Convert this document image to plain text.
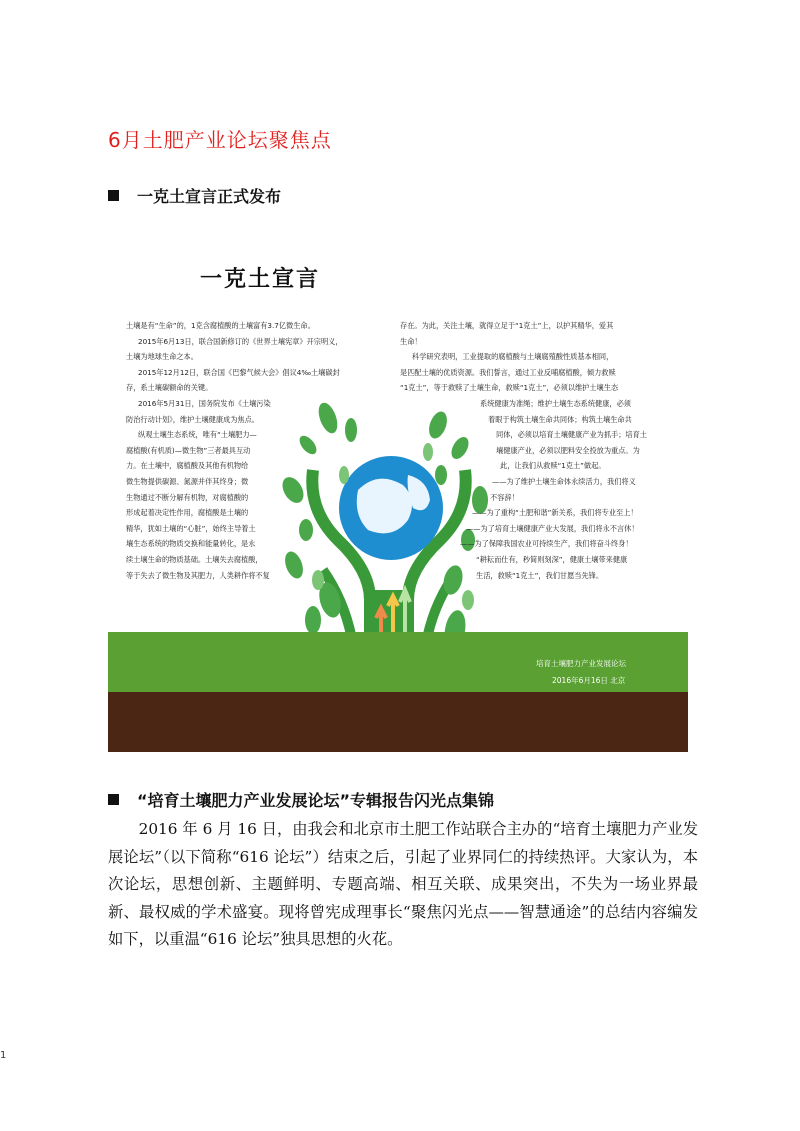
6月土肥产业论坛聚焦点
一克土宣言正式发布
一克土宣言

土壤是有“生命”的，1克含腐植酸的土壤富有3.7亿微生命。

2015年6月13日，联合国新修订的《世界土壤宪章》开宗明义，

土壤为地球生命之本。

2015年12月12日，联合国《巴黎气候大会》倡议4‰土壤碳封

存，系土壤碳额命的关键。

2016年5月31日，国务院发布《土壤污染

防治行动计划》，维护土壤健康成为焦点。

纵观土壤生态系统，唯有“土壤肥力—

腐植酸(有机质)—微生物”三者最具互动

力。在土壤中，腐植酸及其他有机物给

微生物提供碳源、氮源并伴其终身；微

生物通过不断分解有机物，对腐植酸的

形成起着决定性作用，腐植酸是土壤的

精华，犹如土壤的“心脏”，始终主导着土

壤生态系统的物质交换和能量转化，是永

续土壤生命的物质基础。土壤失去腐植酸，

等于失去了微生物及其肥力，人类耕作将不复

存在。为此，关注土壤，就得立足于“1克土”上，以护其精华，爱其

生命！

科学研究表明，工业提取的腐植酸与土壤腐殖酸性质基本相同，

是匹配土壤的优质资源。我们誓言，通过工业反哺腐植酸，倾力救赎

“1克土”，等于救赎了土壤生命，救赎“1克土”，必须以维护土壤生态

系统健康为准绳；维护土壤生态系统健康，必须

着眼于构筑土壤生命共同体；构筑土壤生命共

同体，必须以培育土壤健康产业为抓手；培育土

壤健康产业，必须以肥料安全投放为重点。为

此，让我们从救赎“1克土”做起。

——为了维护土壤生命体永续活力，我们将义

不容辞！

——为了重构“土肥和谐”新关系，我们将专业至上！

——为了培育土壤健康产业大发展，我们将永不言休！

——为了保障我国农业可持续生产，我们将奋斗终身！

“耕耘而仕有，秒简则刻深”，健康土壤带来健康

生活，救赎“1克土”，我们甘愿当先锋。

培育土壤肥力产业发展论坛
2016年6月16日 北京
“培育土壤肥力产业发展论坛”专辑报告闪光点集锦

2016 年 6 月 16 日，由我会和北京市土肥工作站联合主办的“培育土壤肥力产业发展论坛”（以下简称“616 论坛”）结束之后，引起了业界同仁的持续热评。大家认为，本次论坛，思想创新、主题鲜明、专题高端、相互关联、成果突出，不失为一场业界最新、最权威的学术盛宴。现将曾宪成理事长“聚焦闪光点——智慧通途”的总结内容编发如下，以重温“616 论坛”独具思想的火花。

1
